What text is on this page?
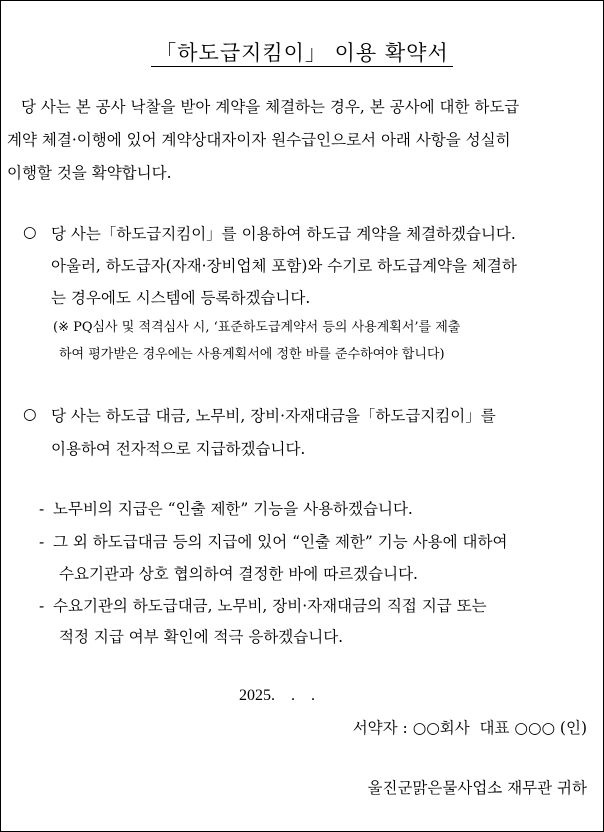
「하도급지킴이」 이용 확약서
당 사는 본 공사 낙찰을 받아 계약을 체결하는 경우, 본 공사에 대한 하도급
계약 체결·이행에 있어 계약상대자이자 원수급인으로서 아래 사항을 성실히
이행할 것을 확약합니다.
○ 당 사는「하도급지킴이」를 이용하여 하도급 계약을 체결하겠습니다.
아울러, 하도급자(자재·장비업체 포함)와 수기로 하도급계약을 체결하
는 경우에도 시스템에 등록하겠습니다.
(※ PQ심사 및 적격심사 시, ‘표준하도급계약서 등의 사용계획서’를 제출
하여 평가받은 경우에는 사용계획서에 정한 바를 준수하여야 합니다)
○ 당 사는 하도급 대금, 노무비, 장비·자재대금을「하도급지킴이」를
이용하여 전자적으로 지급하겠습니다.
- 노무비의 지급은 “인출 제한” 기능을 사용하겠습니다.
- 그 외 하도급대금 등의 지급에 있어 “인출 제한” 기능 사용에 대하여
수요기관과 상호 협의하여 결정한 바에 따르겠습니다.
- 수요기관의 하도급대금, 노무비, 장비·자재대금의 직접 지급 또는
적정 지급 여부 확인에 적극 응하겠습니다.
2025.    .    .
서약자 : ○○회사  대표 ○○○ (인)
울진군맑은물사업소 재무관 귀하
